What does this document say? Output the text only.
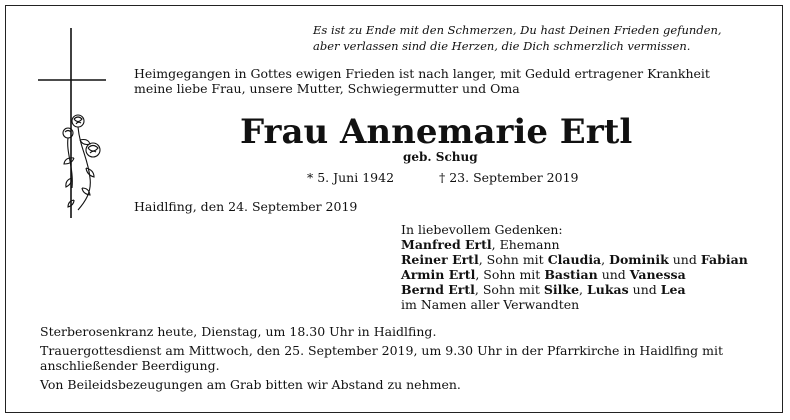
Es ist zu Ende mit den Schmerzen, Du hast Deinen Frieden gefunden,
aber verlassen sind die Herzen, die Dich schmerzlich vermissen.
Heimgegangen in Gottes ewigen Frieden ist nach langer, mit Geduld ertragener Krankheit
meine liebe Frau, unsere Mutter, Schwiegermutter und Oma
Frau Annemarie Ertl
geb. Schug
* 5. Juni 1942	† 23. September 2019
Haidlfing, den 24. September 2019
In liebevollem Gedenken:
Manfred Ertl, Ehemann
Reiner Ertl, Sohn mit Claudia, Dominik und Fabian
Armin Ertl, Sohn mit Bastian und Vanessa
Bernd Ertl, Sohn mit Silke, Lukas und Lea
im Namen aller Verwandten

Sterberosenkranz heute, Dienstag, um 18.30 Uhr in Haidlfing.

Trauergottesdienst am Mittwoch, den 25. September 2019, um 9.30 Uhr in der Pfarrkirche in Haidlfing mit

anschließender Beerdigung.

Von Beileidsbezeugungen am Grab bitten wir Abstand zu nehmen.
